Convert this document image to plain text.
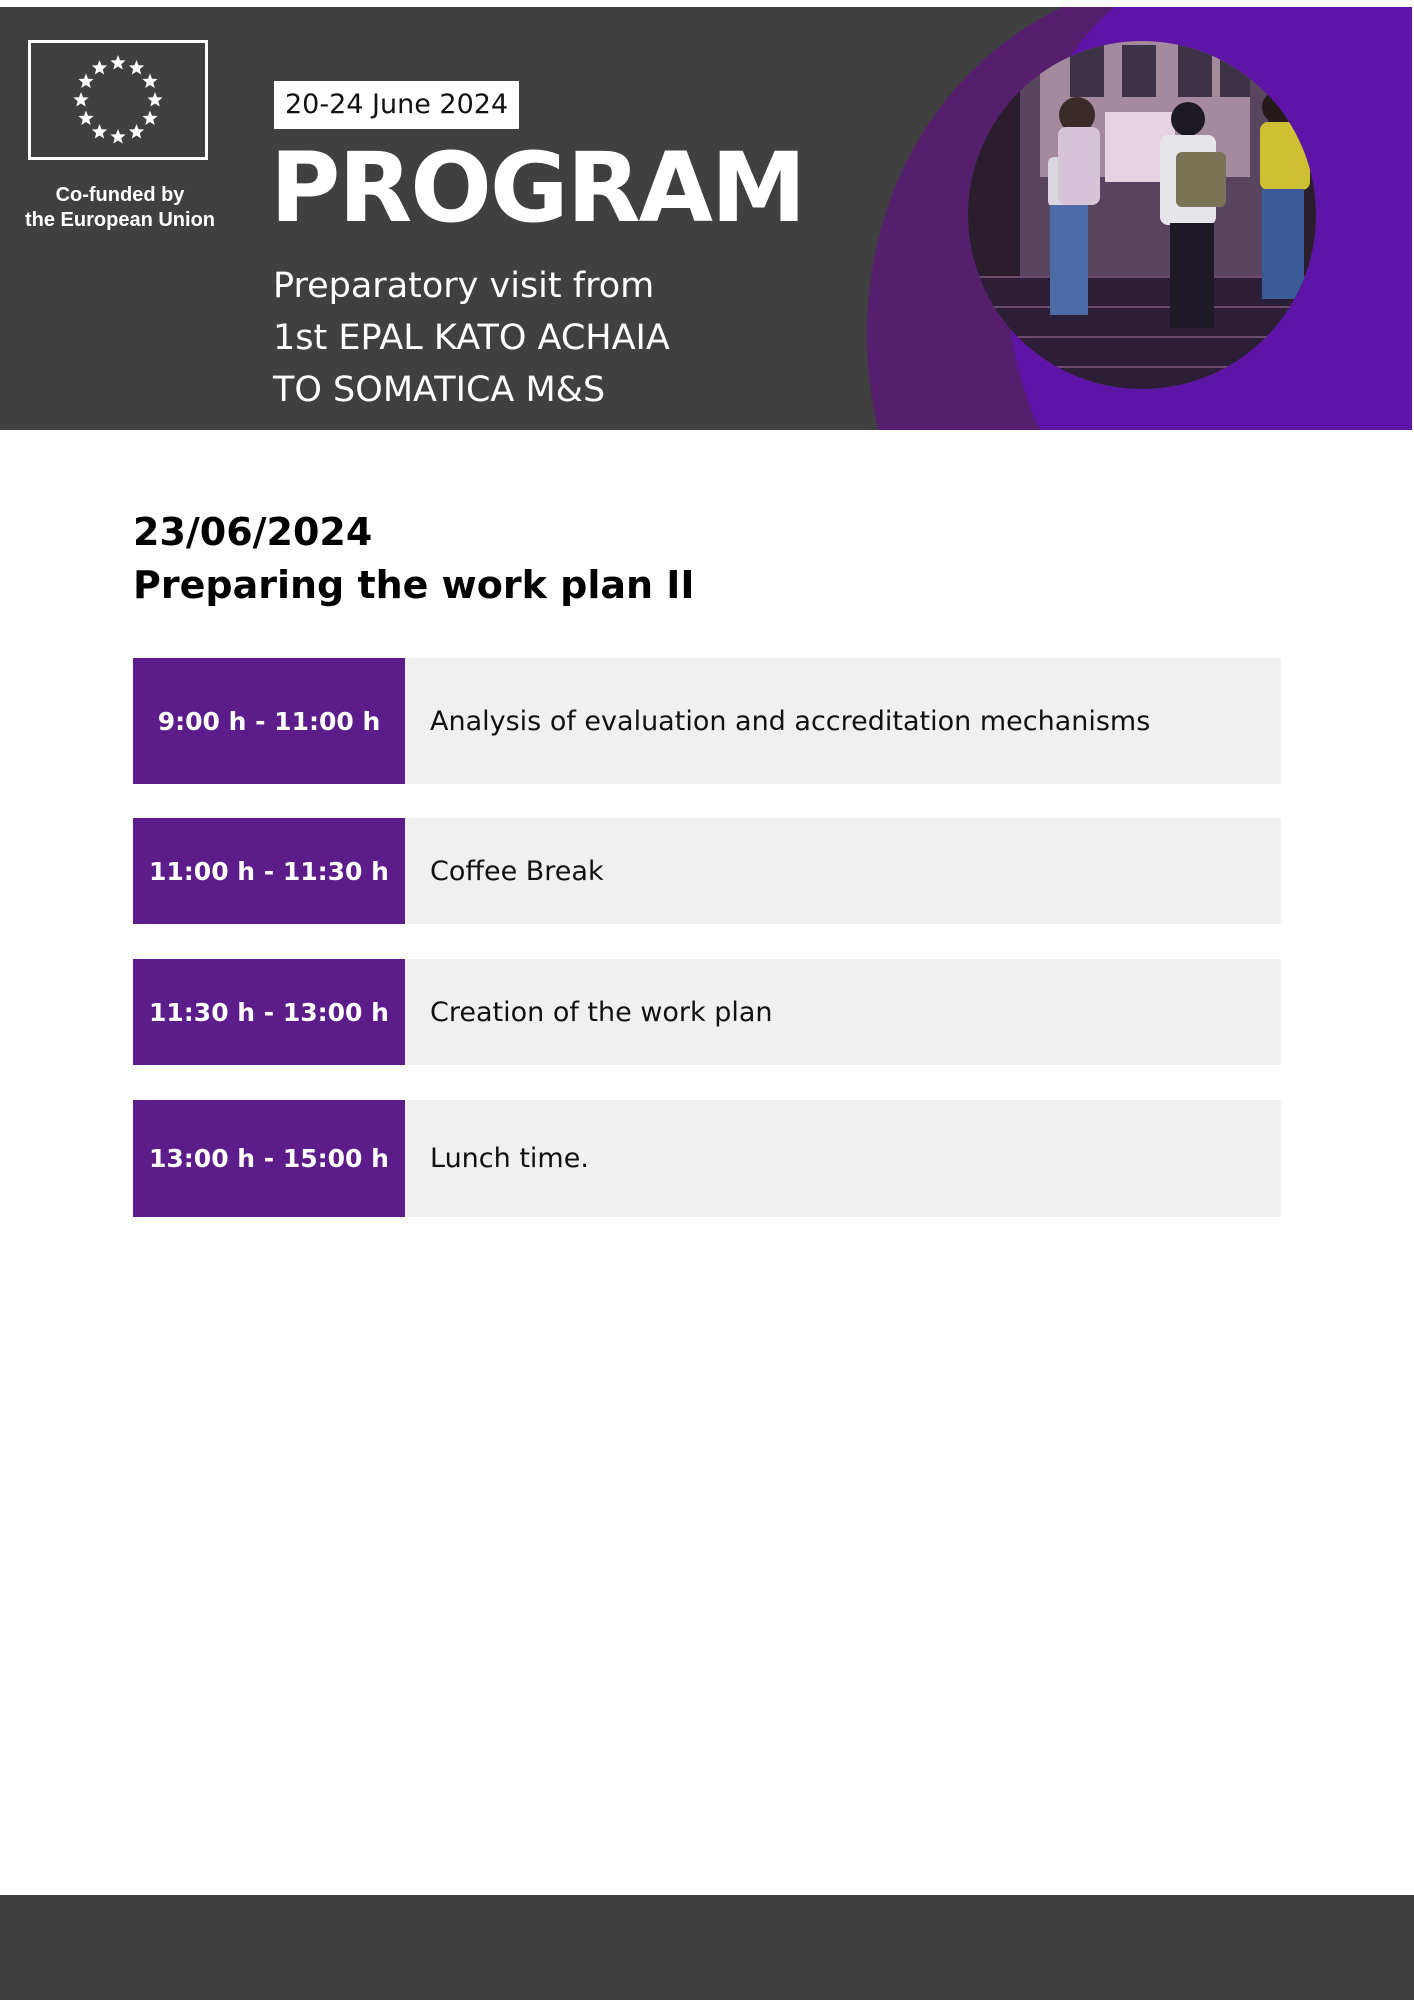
Co-funded by
the European Union
20-24 June 2024
PROGRAM
Preparatory visit from
1st EPAL KATO ACHAIA
TO SOMATICA M&S
23/06/2024
Preparing the work plan II
9:00 h - 11:00 h	Analysis of evaluation and accreditation mechanisms
11:00 h - 11:30 h	Coffee Break
11:30 h - 13:00 h	Creation of the work plan
13:00 h - 15:00 h	Lunch time.
